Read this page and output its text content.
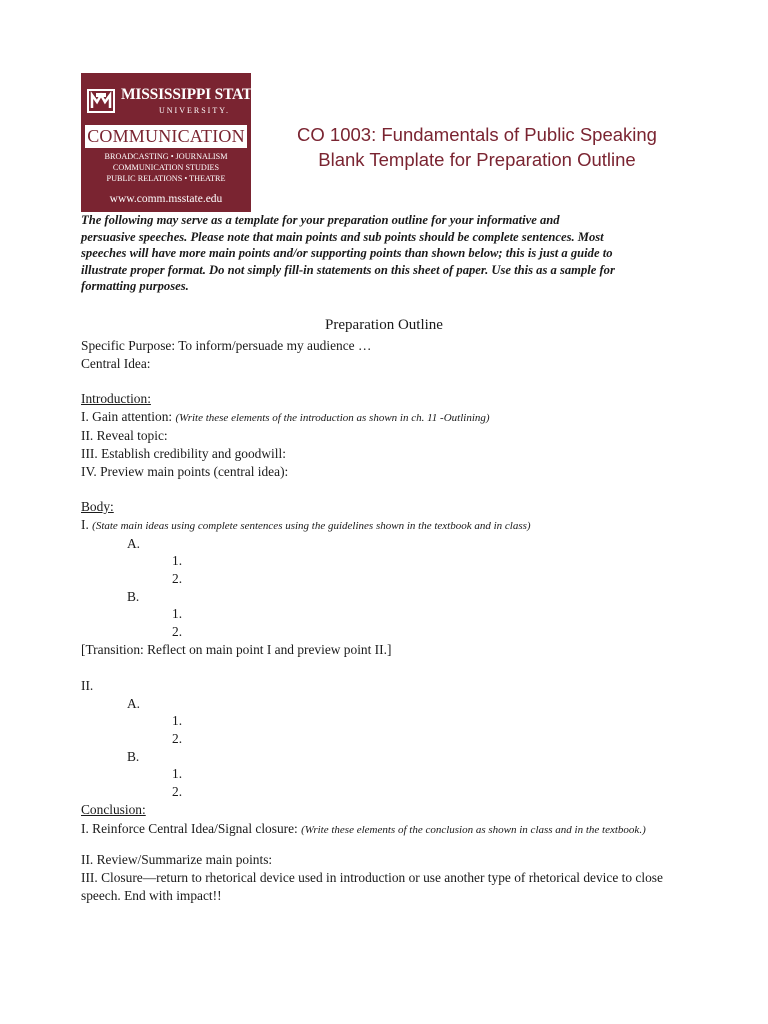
MISSISSIPPI STATE
UNIVERSITY.
COMMUNICATION
BROADCASTING • JOURNALISM
COMMUNICATION STUDIES
PUBLIC RELATIONS • THEATRE
www.comm.msstate.edu
CO 1003: Fundamentals of Public Speaking
Blank Template for Preparation Outline
The following may serve as a template for your preparation outline for your informative and
persuasive speeches. Please note that main points and sub points should be complete sentences. Most
speeches will have more main points and/or supporting points than shown below; this is just a guide to
illustrate proper format. Do not simply fill-in statements on this sheet of paper. Use this as a sample for
formatting purposes.
Preparation Outline
Specific Purpose: To inform/persuade my audience …
Central Idea:
Introduction:
I. Gain attention: (Write these elements of the introduction as shown in ch. 11 -Outlining)
II. Reveal topic:
III. Establish credibility and goodwill:
IV. Preview main points (central idea):
Body:
I. (State main ideas using complete sentences using the guidelines shown in the textbook and in class)
A.
1.
2.
B.
1.
2.
[Transition: Reflect on main point I and preview point II.]
II.
A.
1.
2.
B.
1.
2.
Conclusion:
I. Reinforce Central Idea/Signal closure: (Write these elements of the conclusion as shown in class and in the textbook.)
II. Review/Summarize main points:
III. Closure—return to rhetorical device used in introduction or use another type of rhetorical device to close speech. End with impact!!
